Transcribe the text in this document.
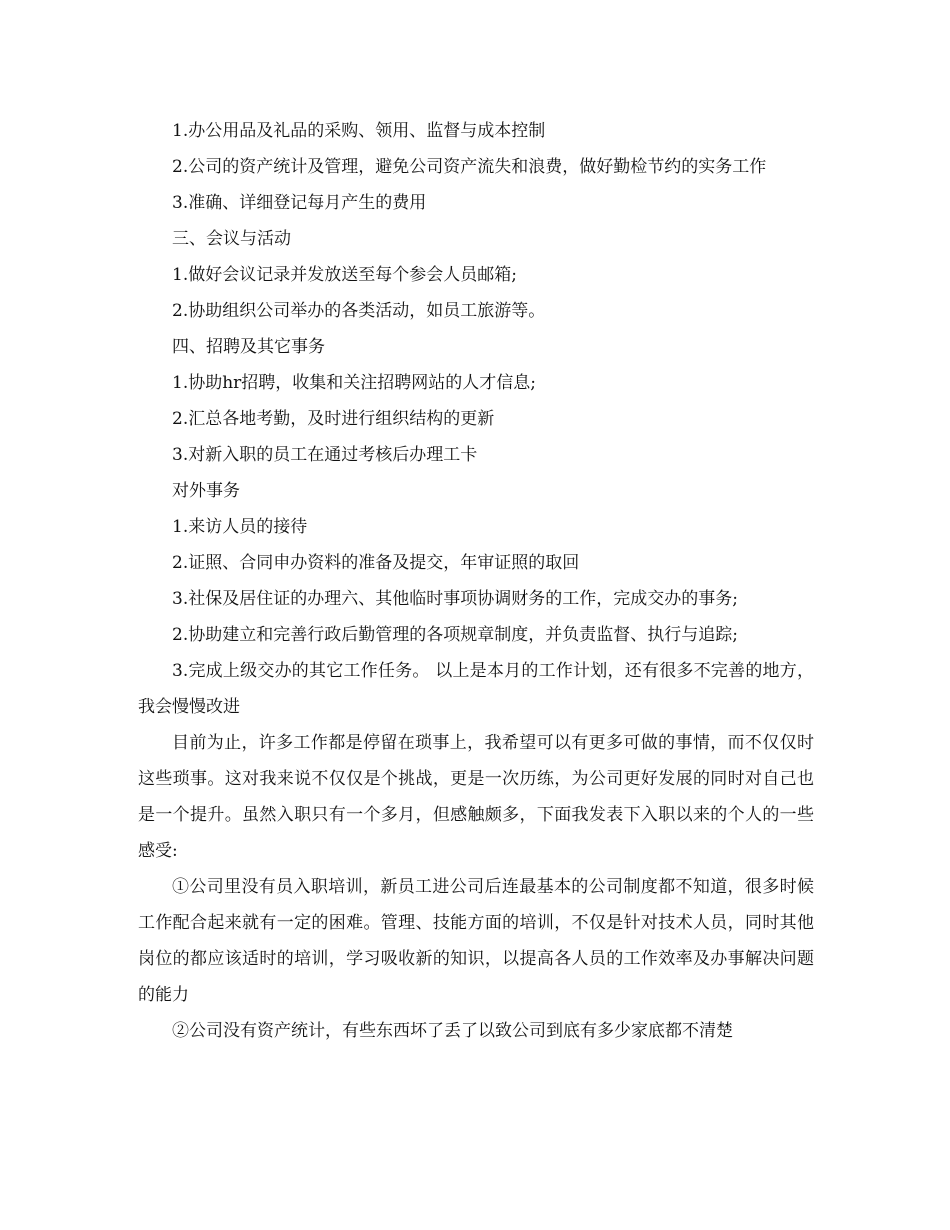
1.办公用品及礼品的采购、领用、监督与成本控制

2.公司的资产统计及管理，避免公司资产流失和浪费，做好勤检节约的实务工作

3.准确、详细登记每月产生的费用

三、会议与活动

1.做好会议记录并发放送至每个参会人员邮箱;

2.协助组织公司举办的各类活动，如员工旅游等。

四、招聘及其它事务

1.协助hr招聘，收集和关注招聘网站的人才信息;

2.汇总各地考勤，及时进行组织结构的更新

3.对新入职的员工在通过考核后办理工卡

对外事务

1.来访人员的接待

2.证照、合同申办资料的准备及提交，年审证照的取回

3.社保及居住证的办理六、其他临时事项协调财务的工作，完成交办的事务;

2.协助建立和完善行政后勤管理的各项规章制度，并负责监督、执行与追踪;

3.完成上级交办的其它工作任务。 以上是本月的工作计划，还有很多不完善的地方，我会慢慢改进

目前为止，许多工作都是停留在琐事上，我希望可以有更多可做的事情，而不仅仅时这些琐事。这对我来说不仅仅是个挑战，更是一次历练，为公司更好发展的同时对自己也是一个提升。虽然入职只有一个多月，但感触颇多，下面我发表下入职以来的个人的一些感受:

①公司里没有员入职培训，新员工进公司后连最基本的公司制度都不知道，很多时候工作配合起来就有一定的困难。管理、技能方面的培训，不仅是针对技术人员，同时其他岗位的都应该适时的培训，学习吸收新的知识，以提高各人员的工作效率及办事解决问题的能力

②公司没有资产统计，有些东西坏了丢了以致公司到底有多少家底都不清楚
